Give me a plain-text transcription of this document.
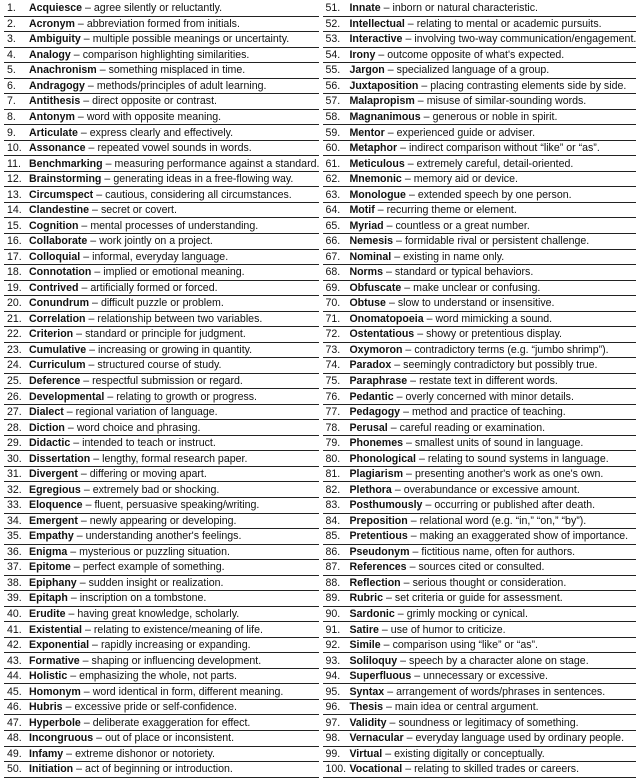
1.	Acquiesce – agree silently or reluctantly.
2.	Acronym – abbreviation formed from initials.
3.	Ambiguity – multiple possible meanings or uncertainty.
4.	Analogy – comparison highlighting similarities.
5.	Anachronism – something misplaced in time.
6.	Andragogy – methods/principles of adult learning.
7.	Antithesis – direct opposite or contrast.
8.	Antonym – word with opposite meaning.
9.	Articulate – express clearly and effectively.
10. Assonance – repeated vowel sounds in words.
11. Benchmarking – measuring performance against a standard.
12. Brainstorming – generating ideas in a free-flowing way.
13. Circumspect – cautious, considering all circumstances.
14. Clandestine – secret or covert.
15. Cognition – mental processes of understanding.
16. Collaborate – work jointly on a project.
17. Colloquial – informal, everyday language.
18. Connotation – implied or emotional meaning.
19. Contrived – artificially formed or forced.
20. Conundrum – difficult puzzle or problem.
21. Correlation – relationship between two variables.
22. Criterion – standard or principle for judgment.
23. Cumulative – increasing or growing in quantity.
24. Curriculum – structured course of study.
25. Deference – respectful submission or regard.
26. Developmental – relating to growth or progress.
27. Dialect – regional variation of language.
28. Diction – word choice and phrasing.
29. Didactic – intended to teach or instruct.
30. Dissertation – lengthy, formal research paper.
31. Divergent – differing or moving apart.
32. Egregious – extremely bad or shocking.
33. Eloquence – fluent, persuasive speaking/writing.
34. Emergent – newly appearing or developing.
35. Empathy – understanding another's feelings.
36. Enigma – mysterious or puzzling situation.
37. Epitome – perfect example of something.
38. Epiphany – sudden insight or realization.
39. Epitaph – inscription on a tombstone.
40. Erudite – having great knowledge, scholarly.
41. Existential – relating to existence/meaning of life.
42. Exponential – rapidly increasing or expanding.
43. Formative – shaping or influencing development.
44. Holistic – emphasizing the whole, not parts.
45. Homonym – word identical in form, different meaning.
46. Hubris – excessive pride or self-confidence.
47. Hyperbole – deliberate exaggeration for effect.
48. Incongruous – out of place or inconsistent.
49. Infamy – extreme dishonor or notoriety.
50. Initiation – act of beginning or introduction.
51. Innate – inborn or natural characteristic.
52. Intellectual – relating to mental or academic pursuits.
53. Interactive – involving two-way communication/engagement.
54. Irony – outcome opposite of what's expected.
55. Jargon – specialized language of a group.
56. Juxtaposition – placing contrasting elements side by side.
57. Malapropism – misuse of similar-sounding words.
58. Magnanimous – generous or noble in spirit.
59. Mentor – experienced guide or adviser.
60. Metaphor – indirect comparison without “like” or “as”.
61. Meticulous – extremely careful, detail-oriented.
62. Mnemonic – memory aid or device.
63. Monologue – extended speech by one person.
64. Motif – recurring theme or element.
65. Myriad – countless or a great number.
66. Nemesis – formidable rival or persistent challenge.
67. Nominal – existing in name only.
68. Norms – standard or typical behaviors.
69. Obfuscate – make unclear or confusing.
70. Obtuse – slow to understand or insensitive.
71. Onomatopoeia – word mimicking a sound.
72. Ostentatious – showy or pretentious display.
73. Oxymoron – contradictory terms (e.g. “jumbo shrimp”).
74. Paradox – seemingly contradictory but possibly true.
75. Paraphrase – restate text in different words.
76. Pedantic – overly concerned with minor details.
77. Pedagogy – method and practice of teaching.
78. Perusal – careful reading or examination.
79. Phonemes – smallest units of sound in language.
80. Phonological – relating to sound systems in language.
81. Plagiarism – presenting another's work as one's own.
82. Plethora – overabundance or excessive amount.
83. Posthumously – occurring or published after death.
84. Preposition – relational word (e.g. “in,” “on,” “by”).
85. Pretentious – making an exaggerated show of importance.
86. Pseudonym – fictitious name, often for authors.
87. References – sources cited or consulted.
88. Reflection – serious thought or consideration.
89. Rubric – set criteria or guide for assessment.
90. Sardonic – grimly mocking or cynical.
91. Satire – use of humor to criticize.
92. Simile – comparison using “like” or “as”.
93. Soliloquy – speech by a character alone on stage.
94. Superfluous – unnecessary or excessive.
95. Syntax – arrangement of words/phrases in sentences.
96. Thesis – main idea or central argument.
97. Validity – soundness or legitimacy of something.
98. Vernacular – everyday language used by ordinary people.
99. Virtual – existing digitally or conceptually.
100. Vocational – relating to skilled trades or careers.
